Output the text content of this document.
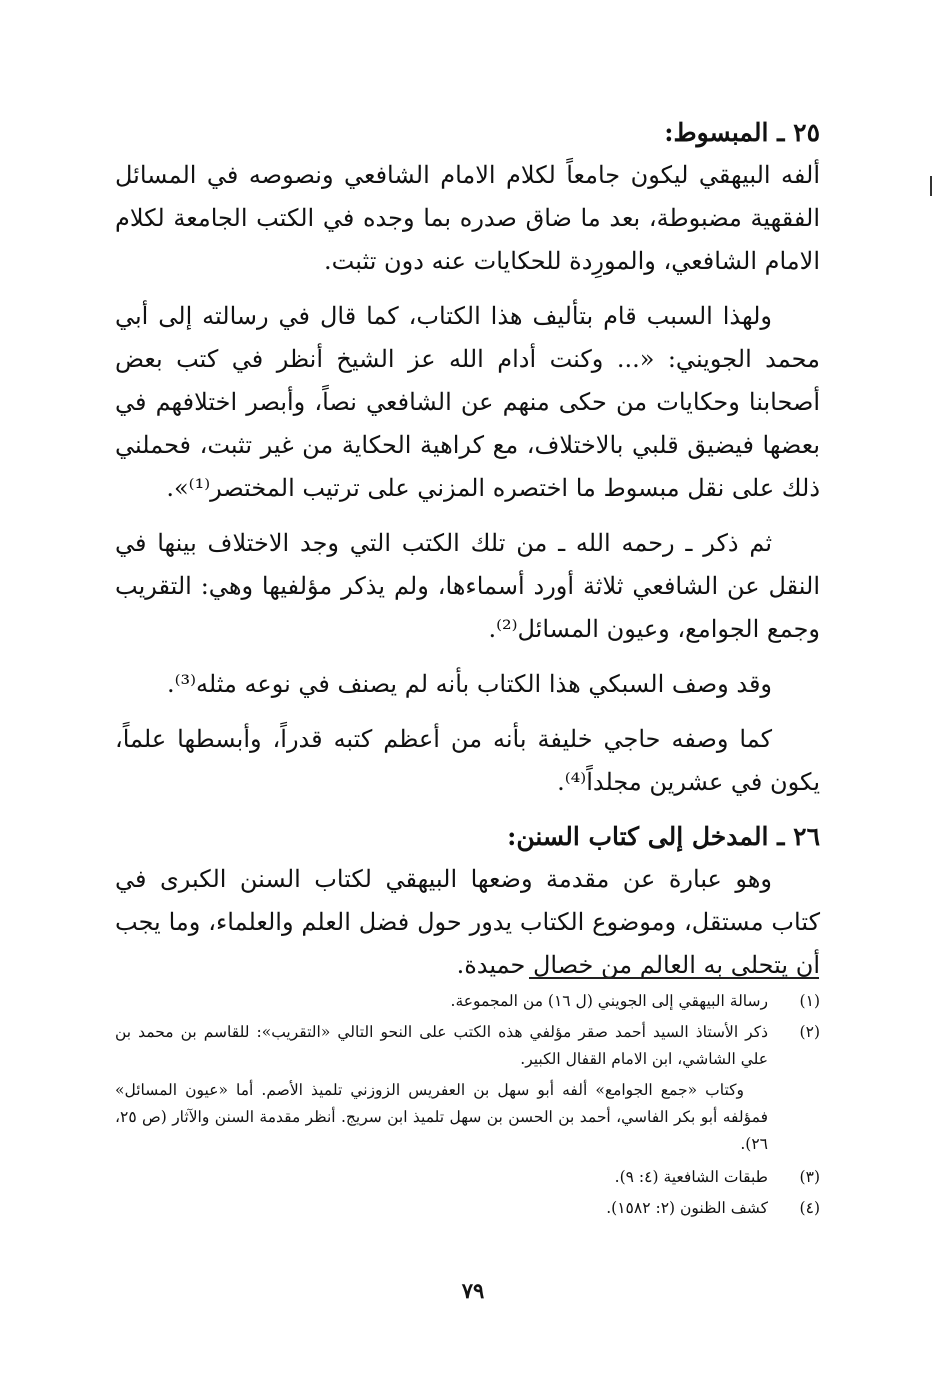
٢٥ ـ المبسوط:

ألفه البيهقي ليكون جامعاً لكلام الامام الشافعي ونصوصه في المسائل الفقهية مضبوطة، بعد ما ضاق صدره بما وجده في الكتب الجامعة لكلام الامام الشافعي، والمورِدة للحكايات عنه دون تثبت.

ولهذا السبب قام بتأليف هذا الكتاب، كما قال في رسالته إلى أبي محمد الجويني: «... وكنت أدام الله عز الشيخ أنظر في كتب بعض أصحابنا وحكايات من حكى منهم عن الشافعي نصاً، وأبصر اختلافهم في بعضها فيضيق قلبي بالاختلاف، مع كراهية الحكاية من غير تثبت، فحملني ذلك على نقل مبسوط ما اختصره المزني على ترتيب المختصر⁽¹⁾».

ثم ذكر ـ رحمه الله ـ من تلك الكتب التي وجد الاختلاف بينها في النقل عن الشافعي ثلاثة أورد أسماءها، ولم يذكر مؤلفيها وهي: التقريب وجمع الجوامع، وعيون المسائل⁽²⁾.

وقد وصف السبكي هذا الكتاب بأنه لم يصنف في نوعه مثله⁽³⁾.

كما وصفه حاجي خليفة بأنه من أعظم كتبه قدراً، وأبسطها علماً، يكون في عشرين مجلداً⁽⁴⁾.

٢٦ ـ المدخل إلى كتاب السنن:

وهو عبارة عن مقدمة وضعها البيهقي لكتاب السنن الكبرى في كتاب مستقل، وموضوع الكتاب يدور حول فضل العلم والعلماء، وما يجب أن يتحلى به العالم من خصال حميدة.

(١)
رسالة البيهقي إلى الجويني (ل ١٦) من المجموعة.
(٢)
ذكر الأستاذ السيد أحمد صقر مؤلفي هذه الكتب على النحو التالي «التقريب»: للقاسم بن محمد بن علي الشاشي، ابن الامام القفال الكبير.
وكتاب «جمع الجوامع» ألفه أبو سهل بن العفريس الزوزني تلميذ الأصم. أما «عيون المسائل» فمؤلفه أبو بكر الفاسي، أحمد بن الحسن بن سهل تلميذ ابن سريج. أنظر مقدمة السنن والآثار (ص ٢٥، ٢٦).
(٣)
طبقات الشافعية (٤: ٩).
(٤)
كشف الظنون (٢: ١٥٨٢).
٧٩
